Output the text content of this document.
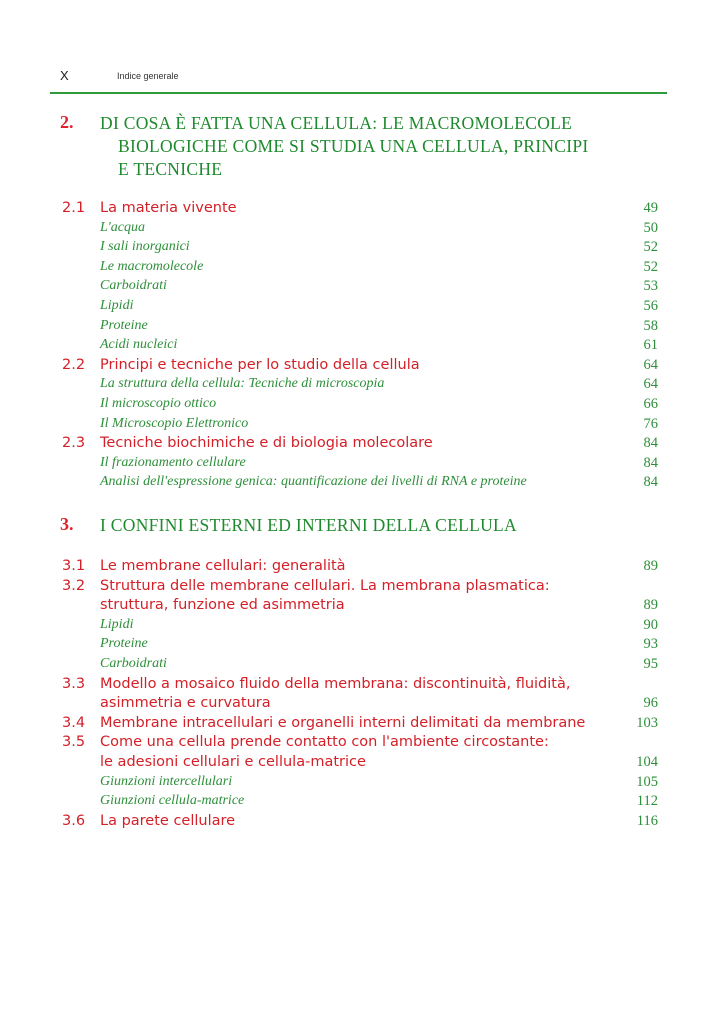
X	Indice generale
2. DI COSA È FATTA UNA CELLULA: LE MACROMOLECOLE
BIOLOGICHE COME SI STUDIA UNA CELLULA, PRINCIPI
E TECNICHE
2.1 La materia vivente	49
L'acqua	50
I sali inorganici	52
Le macromolecole	52
Carboidrati	53
Lipidi	56
Proteine	58
Acidi nucleici	61
2.2 Principi e tecniche per lo studio della cellula	64
La struttura della cellula: Tecniche di microscopia	64
Il microscopio ottico	66
Il Microscopio Elettronico	76
2.3 Tecniche biochimiche e di biologia molecolare	84
Il frazionamento cellulare	84
Analisi dell'espressione genica: quantificazione dei livelli di RNA e proteine	84
3. I CONFINI ESTERNI ED INTERNI DELLA CELLULA
3.1 Le membrane cellulari: generalità	89
3.2 Struttura delle membrane cellulari. La membrana plasmatica:
struttura, funzione ed asimmetria	89
Lipidi	90
Proteine	93
Carboidrati	95
3.3 Modello a mosaico fluido della membrana: discontinuità, fluidità,
asimmetria e curvatura	96
3.4 Membrane intracellulari e organelli interni delimitati da membrane	103
3.5 Come una cellula prende contatto con l'ambiente circostante:
le adesioni cellulari e cellula-matrice	104
Giunzioni intercellulari	105
Giunzioni cellula-matrice	112
3.6 La parete cellulare	116
